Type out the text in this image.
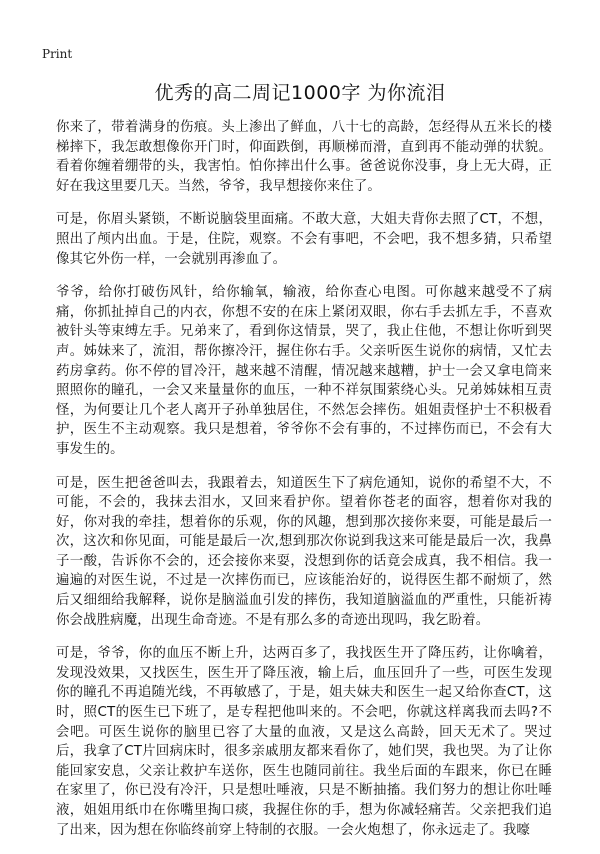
Print
优秀的高二周记1000字 为你流泪

你来了，带着满身的伤痕。头上渗出了鲜血，八十七的高龄，怎经得从五米长的楼梯摔下，我怎敢想像你开门时，仰面跌倒，再顺梯而滑，直到再不能动弹的状貌。看着你缠着绷带的头，我害怕。怕你摔出什么事。爸爸说你没事，身上无大碍，正好在我这里要几天。当然，爷爷，我早想接你来住了。

可是，你眉头紧锁，不断说脑袋里面痛。不敢大意，大姐夫背你去照了CT，不想，照出了颅内出血。于是，住院，观察。不会有事吧，不会吧，我不想多猜，只希望像其它外伤一样，一会就别再渗血了。

爷爷，给你打破伤风针，给你输氧，输液，给你查心电图。可你越来越受不了病痛，你抓扯掉自己的内衣，你想不安的在床上紧闭双眼，你右手去抓左手，不喜欢被针头等束缚左手。兄弟来了，看到你这情景，哭了，我止住他，不想让你听到哭声。姊妹来了，流泪，帮你擦冷汗，握住你右手。父亲听医生说你的病情，又忙去药房拿药。你不停的冒冷汗，越来越不清醒，情况越来越糟，护士一会又拿电筒来照照你的瞳孔，一会又来量量你的血压，一种不祥氛围萦绕心头。兄弟姊妹相互责怪，为何要让几个老人离开子孙单独居住，不然怎会摔伤。姐姐责怪护士不积极看护，医生不主动观察。我只是想着，爷爷你不会有事的，不过摔伤而已，不会有大事发生的。

可是，医生把爸爸叫去，我跟着去，知道医生下了病危通知，说你的希望不大，不可能，不会的，我抹去泪水，又回来看护你。望着你苍老的面容，想着你对我的好，你对我的牵挂，想着你的乐观，你的风趣，想到那次接你来耍，可能是最后一次，这次和你见面，可能是最后一次,想到那次你说到我这来可能是最后一次，我鼻子一酸，告诉你不会的，还会接你来耍，没想到你的话竟会成真，我不相信。我一遍遍的对医生说，不过是一次摔伤而已，应该能治好的，说得医生都不耐烦了，然后又细细给我解释，说你是脑溢血引发的摔伤，我知道脑溢血的严重性，只能祈祷你会战胜病魔，出现生命奇迹。不是有那么多的奇迹出现吗，我乞盼着。

可是，爷爷，你的血压不断上升，达两百多了，我找医生开了降压药，让你噙着，发现没效果，又找医生，医生开了降压液，输上后，血压回升了一些，可医生发现你的瞳孔不再追随光线，不再敏感了，于是，姐夫妹夫和医生一起又给你查CT，这时，照CT的医生已下班了，是专程把他叫来的。不会吧，你就这样离我而去吗?不会吧。可医生说你的脑里已容了大量的血液，又是这么高龄，回天无术了。哭过后，我拿了CT片回病床时，很多亲戚朋友都来看你了，她们哭，我也哭。为了让你能回家安息，父亲让救护车送你，医生也随同前往。我坐后面的车跟来，你已在睡在家里了，你已没有冷汗，只是想吐唾液，只是不断抽搐。我们努力的想让你吐唾液，姐姐用纸巾在你嘴里掏口痰，我握住你的手，想为你减轻痛苦。父亲把我们追了出来，因为想在你临终前穿上特制的衣服。一会火炮想了，你永远走了。我嚎
